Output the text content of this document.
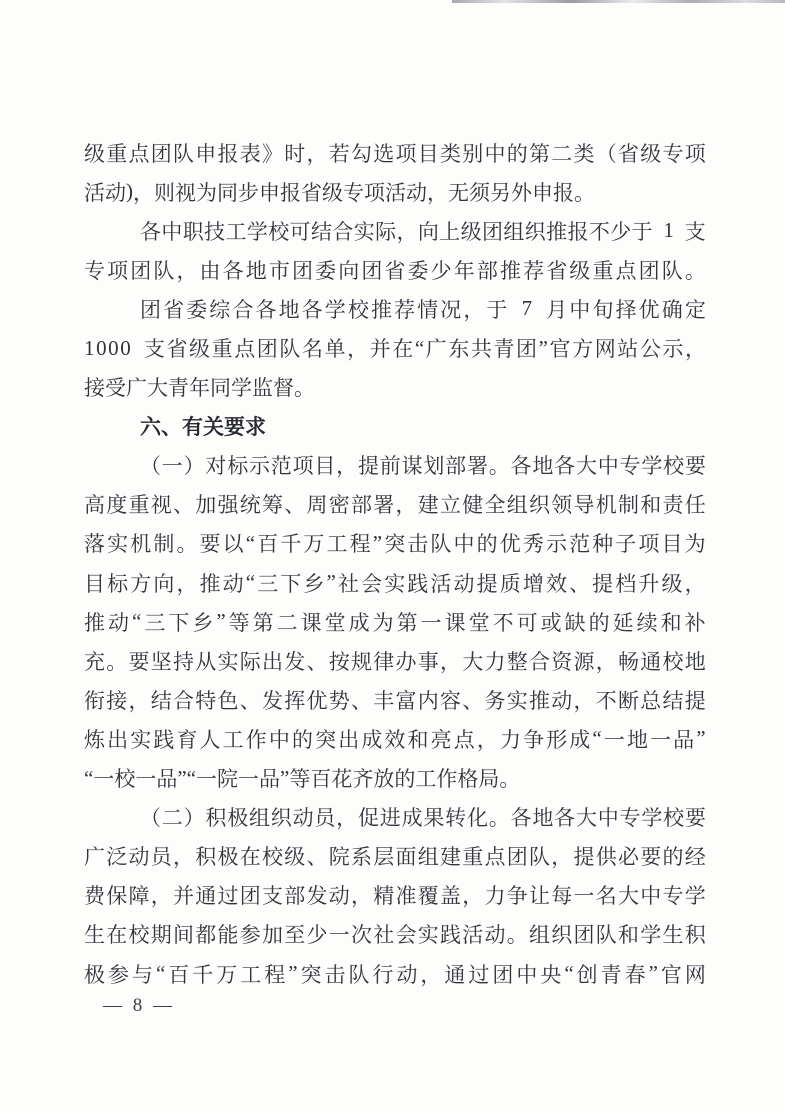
级 重 点 团 队 申 报 表 》 时 ， 若 勾 选 项 目 类 别 中 的 第 二 类 （ 省 级 专 项
活 动 ) ， 则 视 为 同 步 申 报 省 级 专 项 活 动 ， 无 须 另 外 申 报 。
各 中 职 技 工 学 校 可 结 合 实 际 ， 向 上 级 团 组 织 推 报 不 少 于 1 支
专 项 团 队 ， 由 各 地 市 团 委 向 团 省 委 少 年 部 推 荐 省 级 重 点 团 队 。
团 省 委 综 合 各 地 各 学 校 推 荐 情 况 ， 于 7 月 中 旬 择 优 确 定
1 0 0 0 支 省 级 重 点 团 队 名 单 ， 并 在 “ 广 东 共 青 团 ” 官 方 网 站 公 示 ，
接 受 广 大 青 年 同 学 监 督 。
六 、 有 关 要 求
（ 一 ） 对 标 示 范 项 目 ， 提 前 谋 划 部 署 。 各 地 各 大 中 专 学 校 要
高 度 重 视 、 加 强 统 筹 、 周 密 部 署 ， 建 立 健 全 组 织 领 导 机 制 和 责 任
落 实 机 制 。 要 以 “ 百 千 万 工 程 ” 突 击 队 中 的 优 秀 示 范 种 子 项 目 为
目 标 方 向 ， 推 动 “ 三 下 乡 ” 社 会 实 践 活 动 提 质 增 效 、 提 档 升 级 ，
推 动 “ 三 下 乡 ” 等 第 二 课 堂 成 为 第 一 课 堂 不 可 或 缺 的 延 续 和 补
充 。 要 坚 持 从 实 际 出 发 、 按 规 律 办 事 ， 大 力 整 合 资 源 ， 畅 通 校 地
衔 接 ， 结 合 特 色 、 发 挥 优 势 、 丰 富 内 容 、 务 实 推 动 ， 不 断 总 结 提
炼 出 实 践 育 人 工 作 中 的 突 出 成 效 和 亮 点 ， 力 争 形 成 “ 一 地 一 品 ”
“ 一 校 一 品 ” “ 一 院 一 品 ” 等 百 花 齐 放 的 工 作 格 局 。
（ 二 ） 积 极 组 织 动 员 ， 促 进 成 果 转 化 。 各 地 各 大 中 专 学 校 要
广 泛 动 员 ， 积 极 在 校 级 、 院 系 层 面 组 建 重 点 团 队 ， 提 供 必 要 的 经
费 保 障 ， 并 通 过 团 支 部 发 动 ， 精 准 覆 盖 ， 力 争 让 每 一 名 大 中 专 学
生 在 校 期 间 都 能 参 加 至 少 一 次 社 会 实 践 活 动 。 组 织 团 队 和 学 生 积
极 参 与 “ 百 千 万 工 程 ” 突 击 队 行 动 ， 通 过 团 中 央 “ 创 青 春 ” 官 网
— 8 —
